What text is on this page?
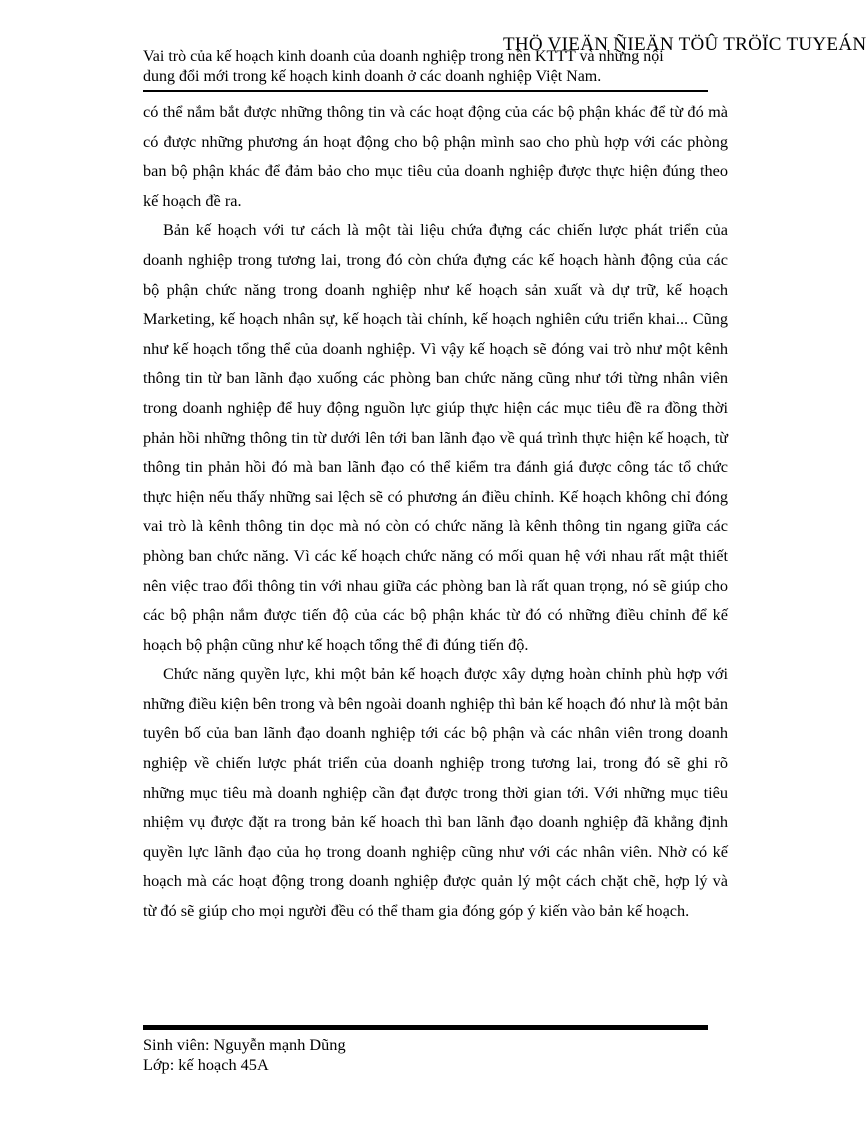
THÖ VIEÄN ÑIEÄN TÖÛ TRÖÏC TUYEÁN
Vai trò của kế hoạch kinh doanh của doanh nghiệp trong nền KTTT và những nội
dung đổi mới trong kế hoạch kinh doanh ở các doanh nghiệp Việt Nam.

có thể nắm bắt được những thông tin và các hoạt động của các bộ phận khác để từ đó mà có được những phương án hoạt động cho bộ phận mình sao cho phù hợp với các phòng ban bộ phận khác để đảm bảo cho mục tiêu của doanh nghiệp được thực hiện đúng theo kế hoạch đề ra.

Bản kế hoạch với tư cách là một tài liệu chứa đựng các chiến lược phát triển của doanh nghiệp trong tương lai, trong đó còn chứa đựng các kế hoạch hành động của các bộ phận chức năng trong doanh nghiệp như kế hoạch sản xuất và dự trữ, kế hoạch Marketing, kế hoạch nhân sự, kế hoạch tài chính, kế hoạch nghiên cứu triển khai... Cũng như kế hoạch tổng thể của doanh nghiệp. Vì vậy kế hoạch sẽ đóng vai trò như một kênh thông tin từ ban lãnh đạo xuống các phòng ban chức năng cũng như tới từng nhân viên trong doanh nghiệp để huy động nguồn lực giúp thực hiện các mục tiêu đề ra đồng thời phản hồi những thông tin từ dưới lên tới ban lãnh đạo về quá trình thực hiện kế hoạch, từ thông tin phản hồi đó mà ban lãnh đạo có thể kiểm tra đánh giá được công tác tổ chức thực hiện nếu thấy những sai lệch sẽ có phương án điều chỉnh. Kế hoạch không chỉ đóng vai trò là kênh thông tin dọc mà nó còn có chức năng là kênh thông tin ngang giữa các phòng ban chức năng. Vì các kế hoạch chức năng có mối quan hệ với nhau rất mật thiết nên việc trao đổi thông tin với nhau giữa các phòng ban là rất quan trọng, nó sẽ giúp cho các bộ phận nắm được tiến độ của các bộ phận khác từ đó có những điều chỉnh để kế hoạch bộ phận cũng như kế hoạch tổng thể đi đúng tiến độ.

Chức năng quyền lực, khi một bản kế hoạch được xây dựng hoàn chỉnh phù hợp với những điều kiện bên trong và bên ngoài doanh nghiệp thì bản kế hoạch đó như là một bản tuyên bố của ban lãnh đạo doanh nghiệp tới các bộ phận và các nhân viên trong doanh nghiệp về chiến lược phát triển của doanh nghiệp trong tương lai, trong đó sẽ ghi rõ những mục tiêu mà doanh nghiệp cần đạt được trong thời gian tới. Với những mục tiêu nhiệm vụ được đặt ra trong bản kế hoach thì ban lãnh đạo doanh nghiệp đã khẳng định quyền lực lãnh đạo của họ trong doanh nghiệp cũng như với các nhân viên. Nhờ có kế hoạch mà các hoạt động trong doanh nghiệp được quản lý một cách chặt chẽ, hợp lý và từ đó sẽ giúp cho mọi người đều có thể tham gia đóng góp ý kiến vào bản kế hoạch.

Sinh viên: Nguyễn mạnh Dũng
Lớp: kế hoạch 45A
